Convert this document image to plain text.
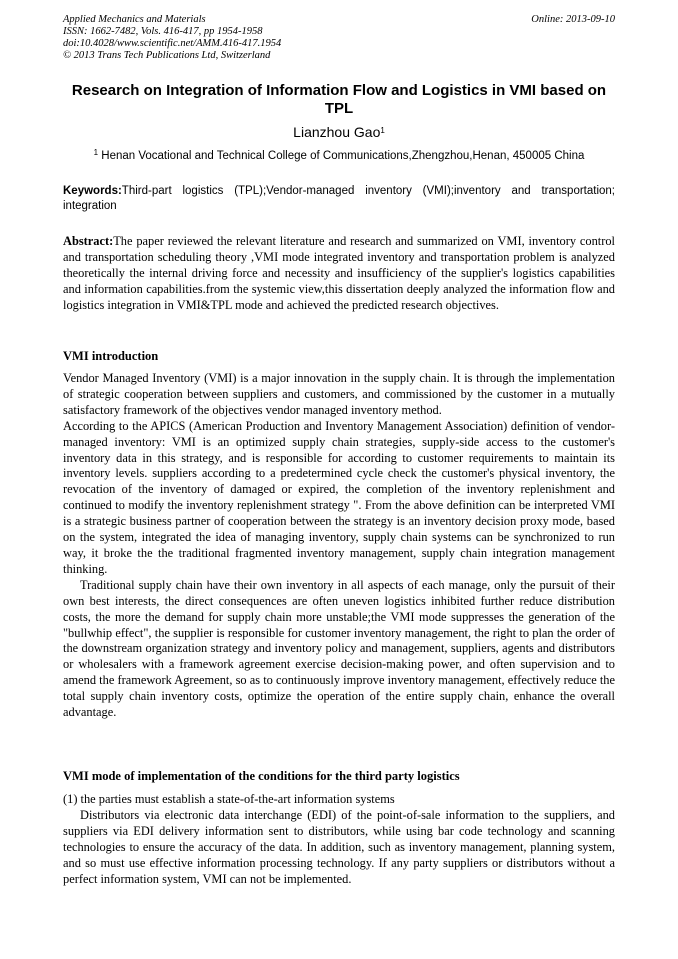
Applied Mechanics and Materials
ISSN: 1662-7482, Vols. 416-417, pp 1954-1958
doi:10.4028/www.scientific.net/AMM.416-417.1954
© 2013 Trans Tech Publications Ltd, Switzerland
Online: 2013-09-10
Research on Integration of Information Flow and Logistics in VMI based on TPL
Lianzhou Gao$^1$
$^1$ Henan Vocational and Technical College of Communications,Zhengzhou,Henan, 450005 China
Keywords:Third-part logistics (TPL);Vendor-managed inventory (VMI);inventory and transportation; integration
Abstract:The paper reviewed the relevant literature and research and summarized on VMI, inventory control and transportation scheduling theory ,VMI mode integrated inventory and transportation problem is analyzed theoretically the internal driving force and necessity and insufficiency of the supplier's logistics capabilities and information capabilities.from the systemic view,this dissertation deeply analyzed the information flow and logistics integration in VMI&TPL mode and achieved the predicted research objectives.
VMI introduction

Vendor Managed Inventory (VMI) is a major innovation in the supply chain. It is through the implementation of strategic cooperation between suppliers and customers, and commissioned by the customer in a mutually satisfactory framework of the objectives vendor managed inventory method.

According to the APICS (American Production and Inventory Management Association) definition of vendor-managed inventory: VMI is an optimized supply chain strategies, supply-side access to the customer's inventory data in this strategy, and is responsible for according to customer requirements to maintain its inventory levels. suppliers according to a predetermined cycle check the customer's physical inventory, the revocation of the inventory of damaged or expired, the completion of the inventory replenishment and continued to modify the inventory replenishment strategy ". From the above definition can be interpreted VMI is a strategic business partner of cooperation between the strategy is an inventory decision proxy mode, based on the system, integrated the idea of managing inventory, supply chain systems can be synchronized to run way, it broke the the traditional fragmented inventory management, supply chain integration management thinking.

Traditional supply chain have their own inventory in all aspects of each manage, only the pursuit of their own best interests, the direct consequences are often uneven logistics inhibited further reduce distribution costs, the more the demand for supply chain more unstable;the VMI mode suppresses the generation of the "bullwhip effect", the supplier is responsible for customer inventory management, the right to plan the order of the downstream organization strategy and inventory policy and management, suppliers, agents and distributors or wholesalers with a framework agreement exercise decision-making power, and often supervision and to amend the framework Agreement, so as to continuously improve inventory management, effectively reduce the total supply chain inventory costs, optimize the operation of the entire supply chain, enhance the overall advantage.

VMI mode of implementation of the conditions for the third party logistics

(1) the parties must establish a state-of-the-art information systems

Distributors via electronic data interchange (EDI) of the point-of-sale information to the suppliers, and suppliers via EDI delivery information sent to distributors, while using bar code technology and scanning technologies to ensure the accuracy of the data. In addition, such as inventory management, planning system, and so must use effective information processing technology. If any party suppliers or distributors without a perfect information system, VMI can not be implemented.
